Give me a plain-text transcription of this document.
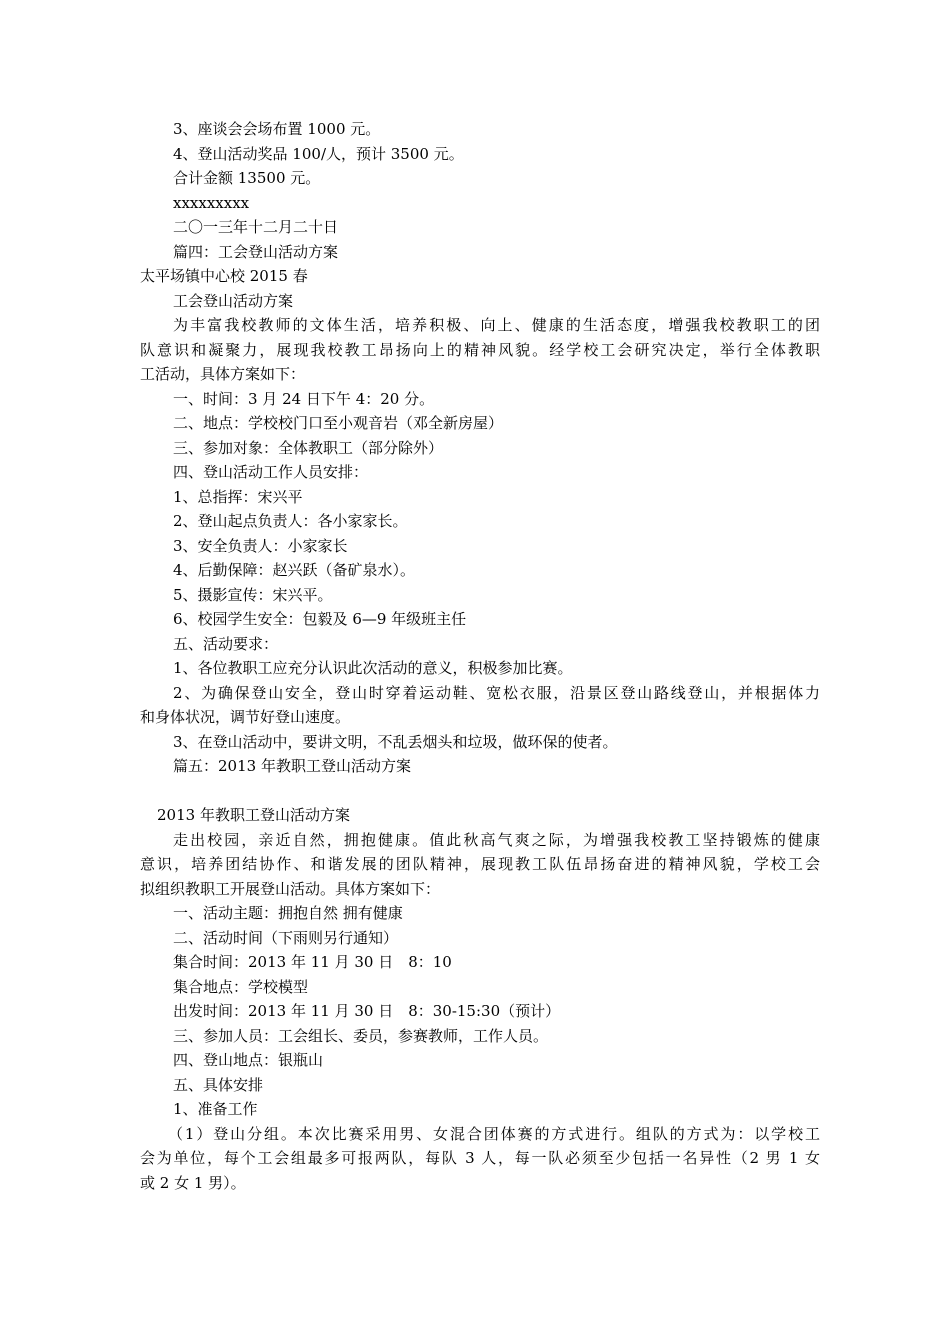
3、座谈会会场布置 1000 元。
4、登山活动奖品 100/人，预计 3500 元。
合计金额 13500 元。
xxxxxxxxx
二〇一三年十二月二十日
篇四：工会登山活动方案
太平场镇中心校 2015 春
工会登山活动方案
为丰富我校教师的文体生活，培养积极、向上、健康的生活态度，增强我校教职工的团
队意识和凝聚力，展现我校教工昂扬向上的精神风貌。经学校工会研究决定，举行全体教职
工活动，具体方案如下：
一、时间：3 月 24 日下午 4：20 分。
二、地点：学校校门口至小观音岩（邓全新房屋）
三、参加对象：全体教职工（部分除外）
四、登山活动工作人员安排：
1、总指挥：宋兴平
2、登山起点负责人：各小家家长。
3、安全负责人：小家家长
4、后勤保障：赵兴跃（备矿泉水）。
5、摄影宣传：宋兴平。
6、校园学生安全：包毅及 6—9 年级班主任
五、活动要求：
1、各位教职工应充分认识此次活动的意义，积极参加比赛。
2、为确保登山安全，登山时穿着运动鞋、宽松衣服，沿景区登山路线登山，并根据体力
和身体状况，调节好登山速度。
3、在登山活动中，要讲文明，不乱丢烟头和垃圾，做环保的使者。
篇五：2013 年教职工登山活动方案
2013 年教职工登山活动方案
走出校园，亲近自然，拥抱健康。值此秋高气爽之际，为增强我校教工坚持锻炼的健康
意识，培养团结协作、和谐发展的团队精神，展现教工队伍昂扬奋进的精神风貌，学校工会
拟组织教职工开展登山活动。具体方案如下：
一、活动主题：拥抱自然 拥有健康
二、活动时间（下雨则另行通知）
集合时间：2013 年 11 月 30 日　8：10
集合地点：学校模型
出发时间：2013 年 11 月 30 日　8：30-15:30（预计）
三、参加人员：工会组长、委员，参赛教师，工作人员。
四、登山地点：银瓶山
五、具体安排
1、准备工作
（1）登山分组。本次比赛采用男、女混合团体赛的方式进行。组队的方式为：以学校工
会为单位，每个工会组最多可报两队，每队 3 人，每一队必须至少包括一名异性（2 男 1 女
或 2 女 1 男）。
